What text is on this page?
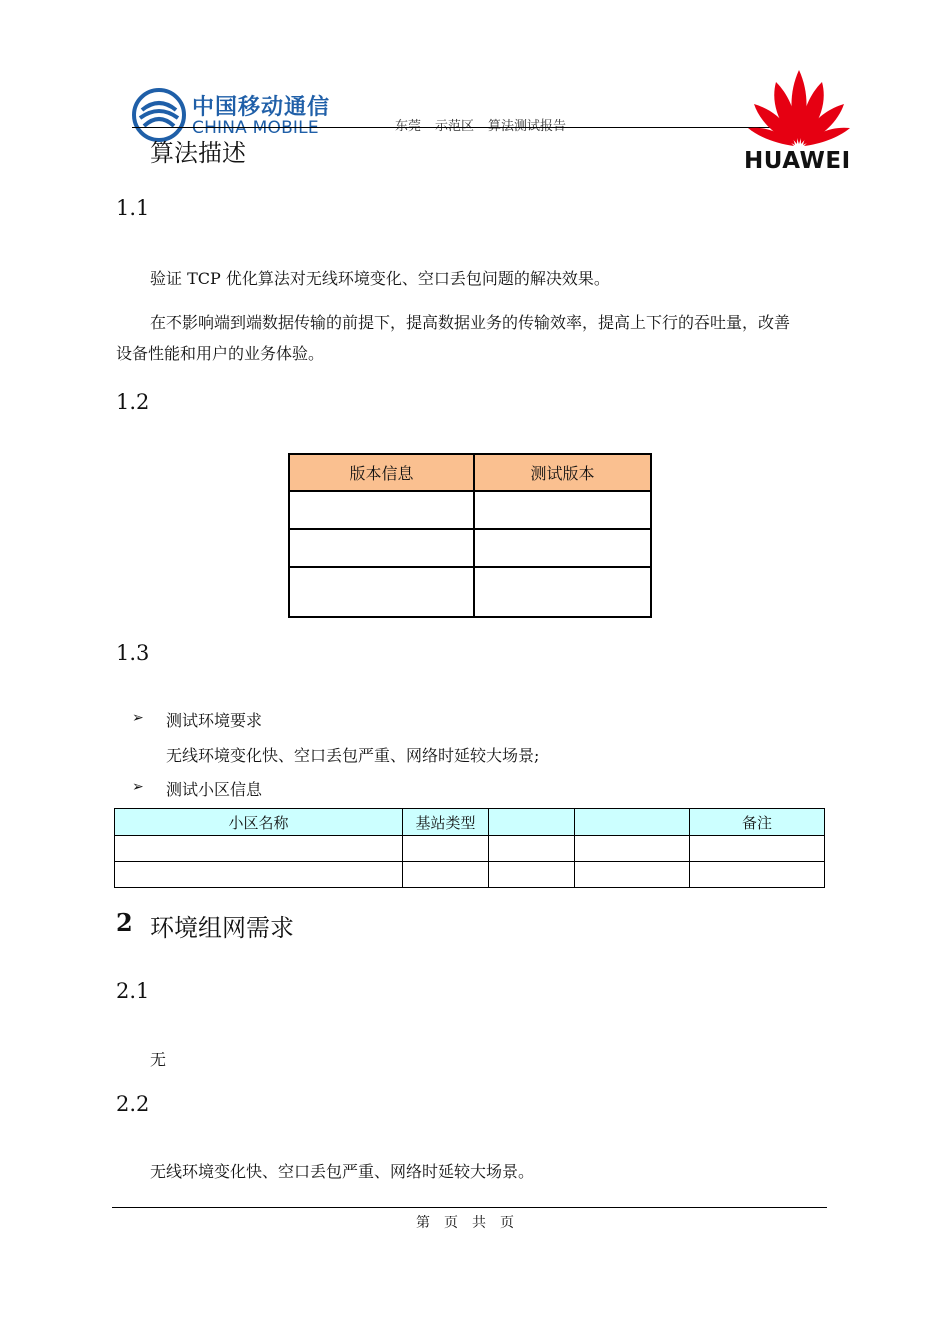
中国移动通信
CHINA MOBILE	东莞 示范区 算法测试报告
HUAWEI
算法描述
1.1
验证 TCP 优化算法对无线环境变化、空口丢包问题的解决效果。
在不影响端到端数据传输的前提下，提高数据业务的传输效率，提高上下行的吞吐量，改善
设备性能和用户的业务体验。
1.2
版本信息	测试版本

1.3
➢ 测试环境要求
无线环境变化快、空口丢包严重、网络时延较大场景;
➢ 测试小区信息
小区名称	基站类型			备注

2 环境组网需求
2.1
无
2.2
无线环境变化快、空口丢包严重、网络时延较大场景。
第 页 共 页
